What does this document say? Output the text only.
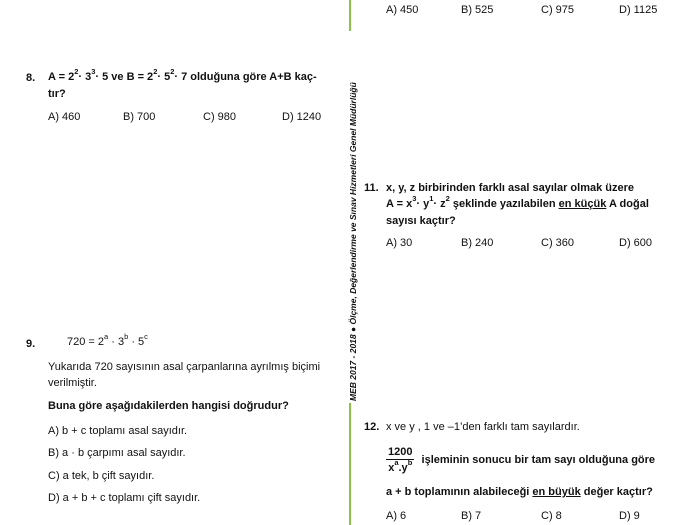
A) 450	B) 525	C) 975	D) 1125
MEB 2017 - 2018 ● Ölçme, Değerlendirme ve Sınav Hizmetleri Genel Müdürlüğü
8. $A = 2^2\cdot 3^3\cdot 5$ ve $B = 2^2\cdot 5^2\cdot 7$ olduğuna göre A+B kaç-
tır?
A) 460	B) 700	C) 980	D) 1240
9.	$720 = 2^a \cdot 3^b \cdot 5^c$
Yukarıda 720 sayısının asal çarpanlarına ayrılmış biçimi
verilmiştir.
Buna göre aşağıdakilerden hangisi doğrudur?
A) b + c toplamı asal sayıdır.
B) a · b çarpımı asal sayıdır.
C) a tek, b çift sayıdır.
D) a + b + c toplamı çift sayıdır.
11. x, y, z birbirinden farklı asal sayılar olmak üzere
$A = x^3\cdot y^1\cdot z^2$ şeklinde yazılabilen en küçük A doğal
sayısı kaçtır?
A) 30	B) 240	C) 360	D) 600
12. x ve y , 1 ve –1’den farklı tam sayılardır.
$\frac{1200}{x^a.y^b}$ işleminin sonucu bir tam sayı olduğuna göre
a + b toplamının alabileceği en büyük değer kaçtır?
A) 6	B) 7	C) 8	D) 9
